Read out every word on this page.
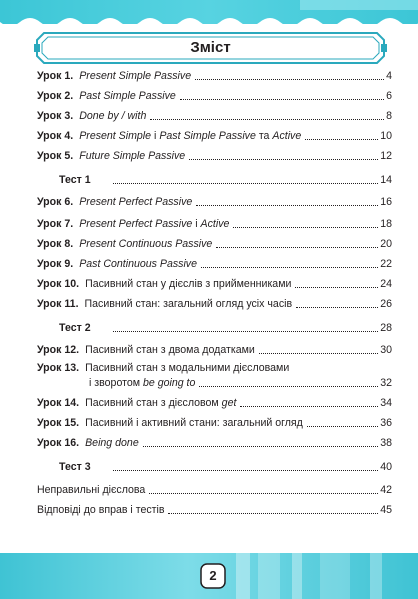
Зміст
Урок 1. Present Simple Passive	4
Урок 2. Past Simple Passive	6
Урок 3. Done by / with	8
Урок 4. Present Simple і Past Simple Passive та Active	10
Урок 5. Future Simple Passive	12
Тест 1	14
Урок 6. Present Perfect Passive	16
Урок 7. Present Perfect Passive і Active	18
Урок 8. Present Continuous Passive	20
Урок 9. Past Continuous Passive	22
Урок 10. Пасивний стан у дієслів з прийменниками	24
Урок 11. Пасивний стан: загальний огляд усіх часів	26
Тест 2	28
Урок 12. Пасивний стан з двома додатками	30
Урок 13. Пасивний стан з модальними дієсловами
і зворотом be going to	32
Урок 14. Пасивний стан з дієсловом get	34
Урок 15. Пасивний і активний стани: загальний огляд	36
Урок 16. Being done	38
Тест 3	40
Неправильні дієслова	42
Відповіді до вправ і тестів	45
2
